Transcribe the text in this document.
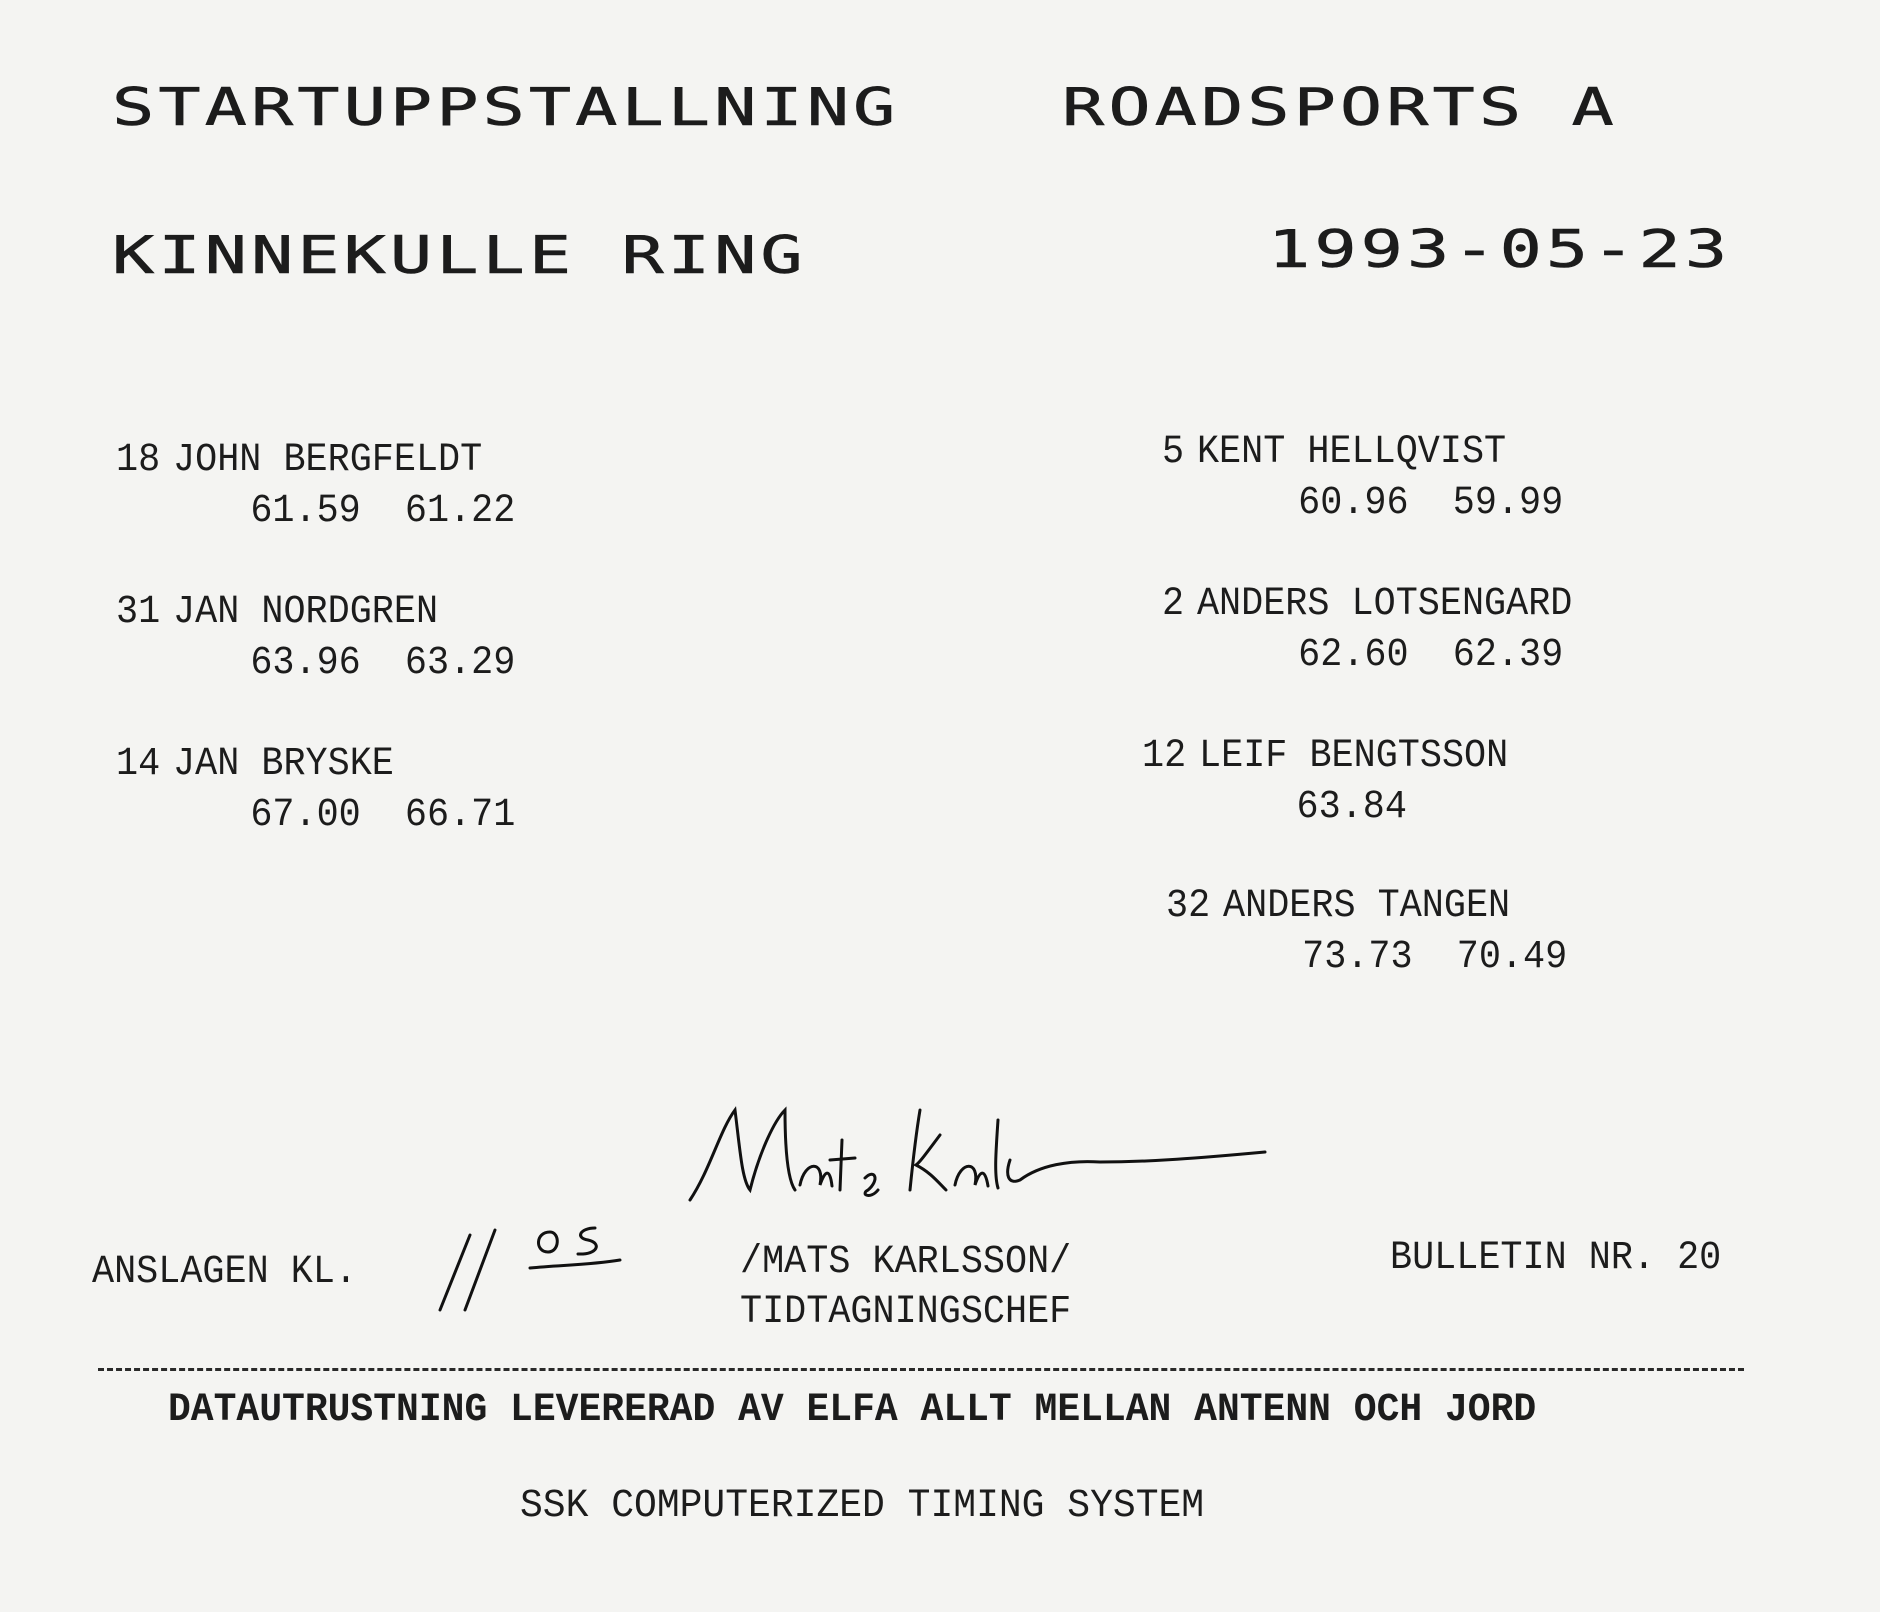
STARTUPPSTALLNING	ROADSPORTS A
KINNEKULLE RING	1993-05-23
18 JOHN BERGFELDT
61.59 61.22
31 JAN NORDGREN
63.96 63.29
14 JAN BRYSKE
67.00 66.71
5 KENT HELLQVIST
60.96 59.99
2 ANDERS LOTSENGARD
62.60 62.39
12 LEIF BENGTSSON
63.84
32 ANDERS TANGEN
73.73 70.49
ANSLAGEN KL.	/MATS KARLSSON/
TIDTAGNINGSCHEF
BULLETIN NR. 20
DATAUTRUSTNING LEVERERAD AV ELFA ALLT MELLAN ANTENN OCH JORD
SSK COMPUTERIZED TIMING SYSTEM
